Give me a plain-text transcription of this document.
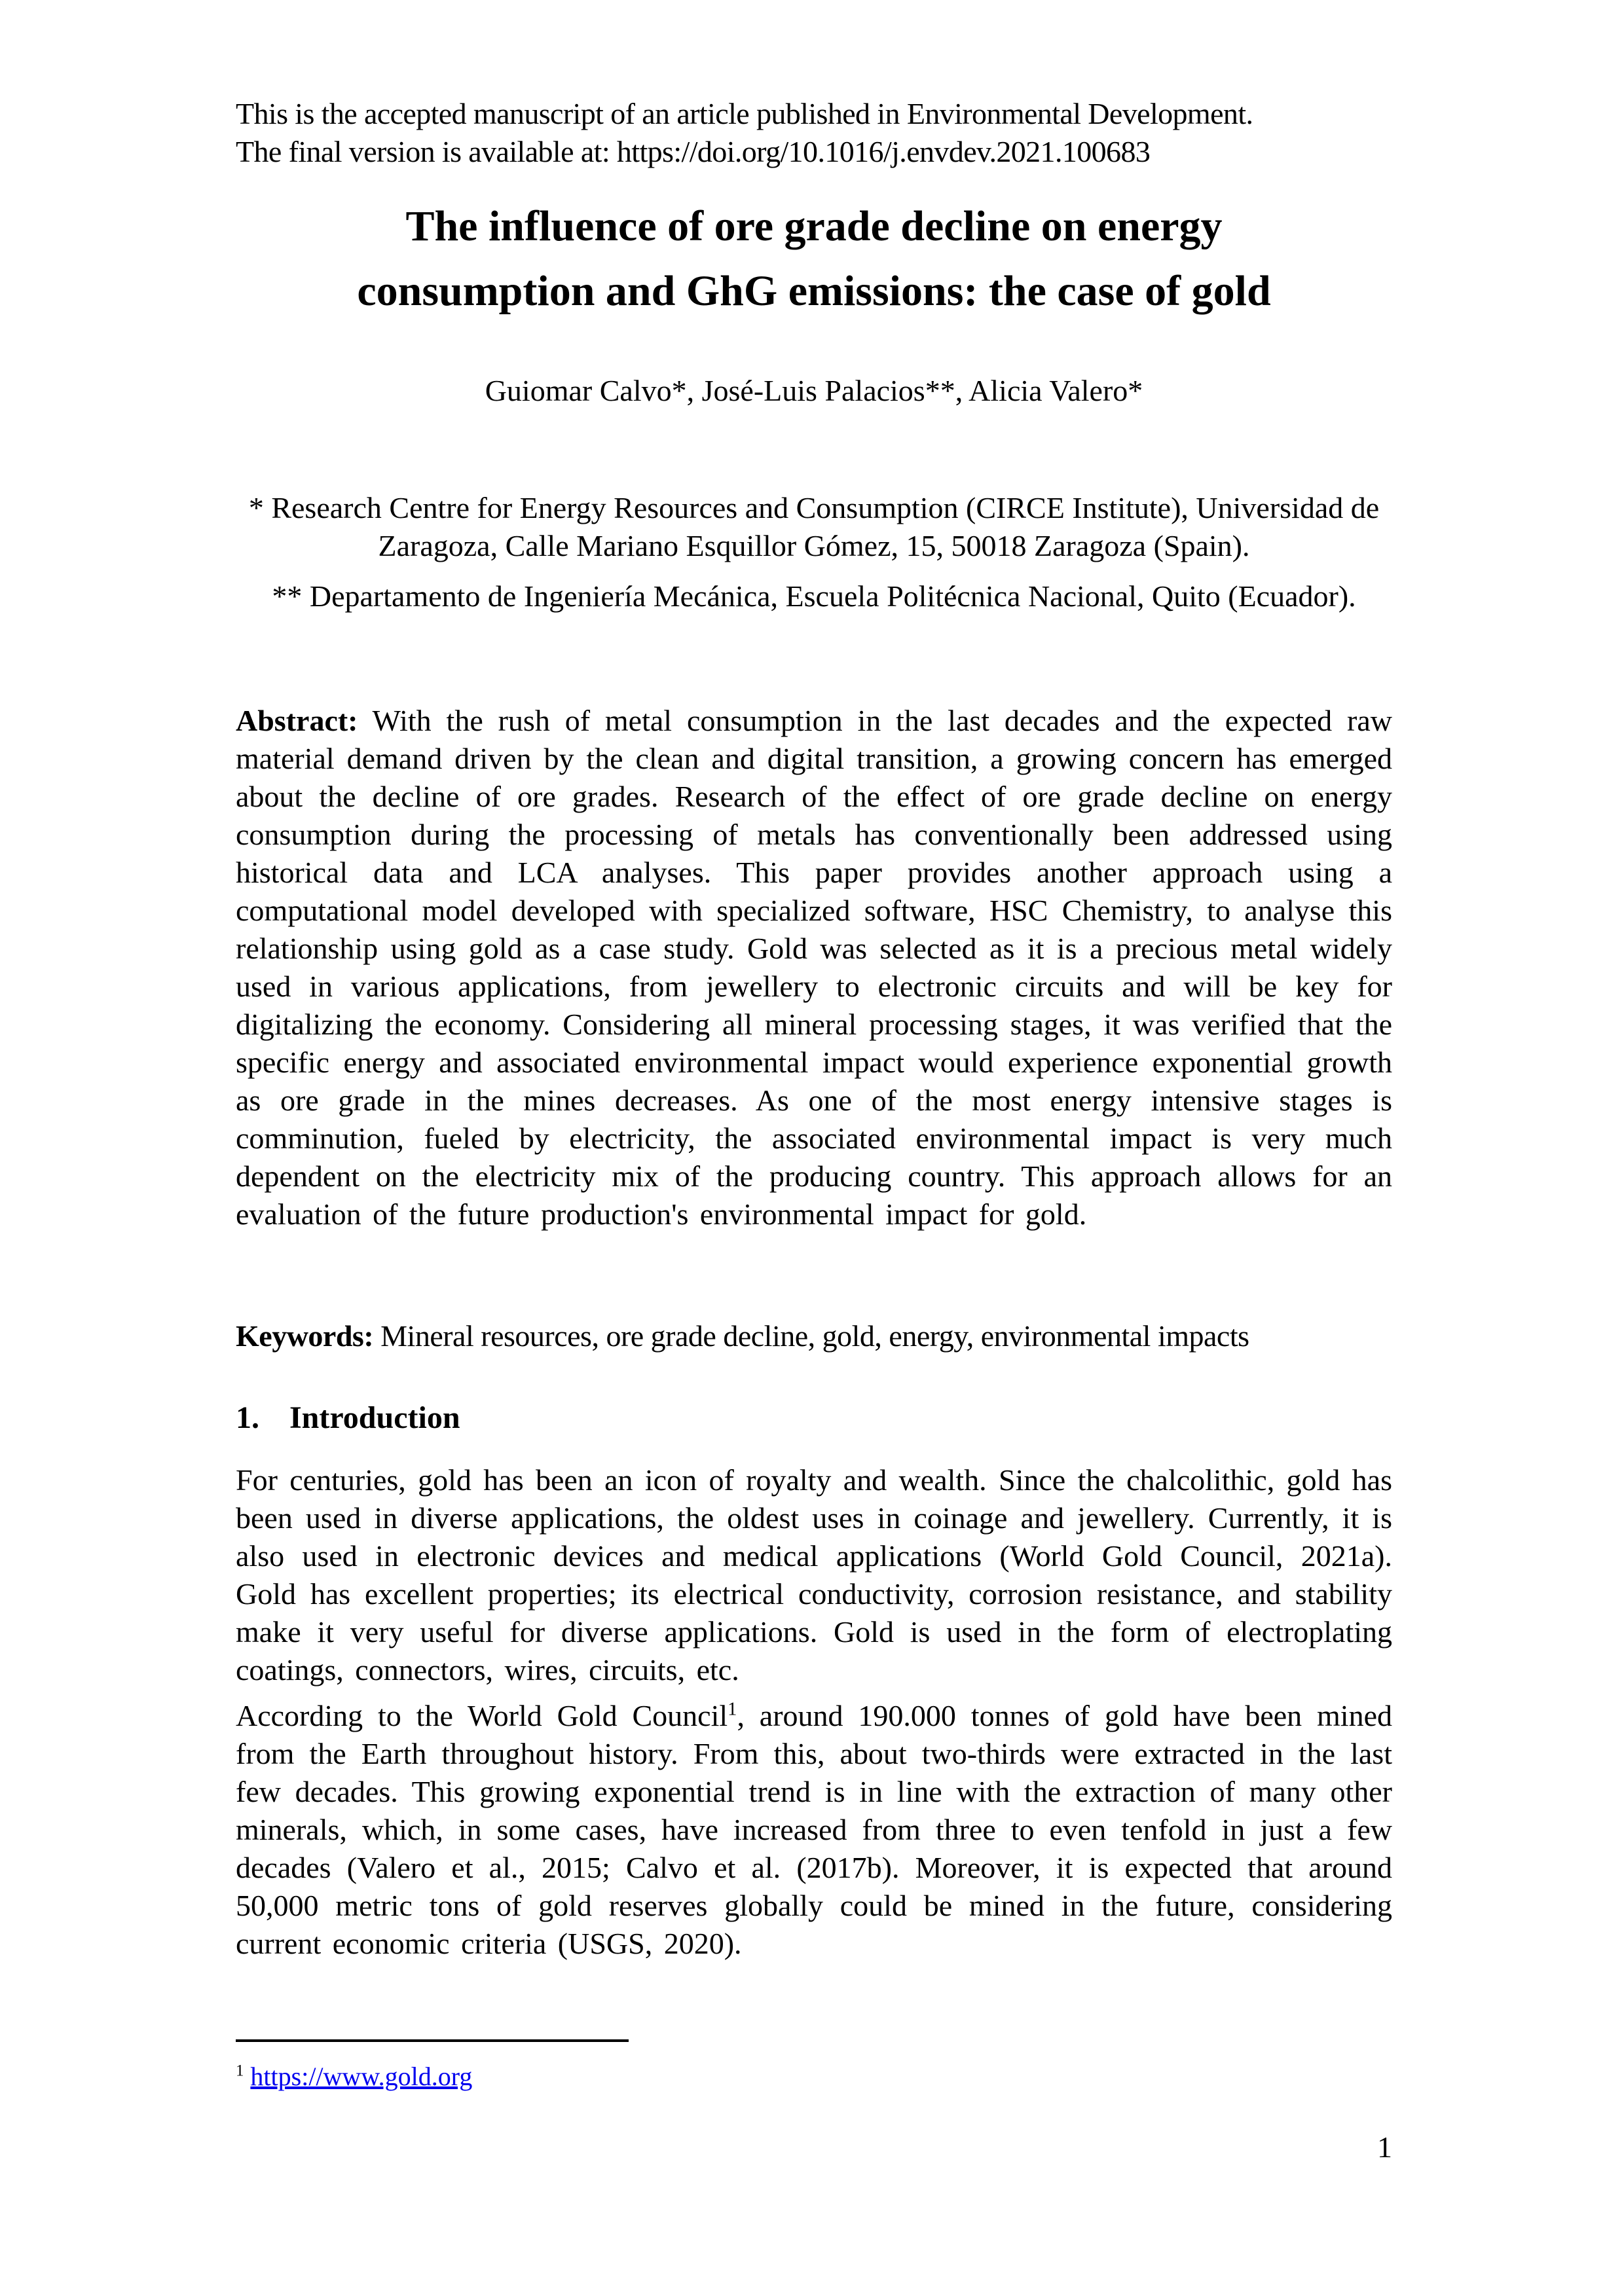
This is the accepted manuscript of an article published in Environmental Development.
The final version is available at: https://doi.org/10.1016/j.envdev.2021.100683
The influence of ore grade decline on energy
consumption and GhG emissions: the case of gold
Guiomar Calvo*, José-Luis Palacios**, Alicia Valero*
* Research Centre for Energy Resources and Consumption (CIRCE Institute), Universidad de Zaragoza, Calle Mariano Esquillor Gómez, 15, 50018 Zaragoza (Spain).
** Departamento de Ingeniería Mecánica, Escuela Politécnica Nacional, Quito (Ecuador).
Abstract: With the rush of metal consumption in the last decades and the expected raw material demand driven by the clean and digital transition, a growing concern has emerged about the decline of ore grades. Research of the effect of ore grade decline on energy consumption during the processing of metals has conventionally been addressed using historical data and LCA analyses. This paper provides another approach using a computational model developed with specialized software, HSC Chemistry, to analyse this relationship using gold as a case study. Gold was selected as it is a precious metal widely used in various applications, from jewellery to electronic circuits and will be key for digitalizing the economy. Considering all mineral processing stages, it was verified that the specific energy and associated environmental impact would experience exponential growth as ore grade in the mines decreases. As one of the most energy intensive stages is comminution, fueled by electricity, the associated environmental impact is very much dependent on the electricity mix of the producing country. This approach allows for an evaluation of the future production's environmental impact for gold.
Keywords: Mineral resources, ore grade decline, gold, energy, environmental impacts
1. Introduction
For centuries, gold has been an icon of royalty and wealth. Since the chalcolithic, gold has been used in diverse applications, the oldest uses in coinage and jewellery. Currently, it is also used in electronic devices and medical applications (World Gold Council, 2021a). Gold has excellent properties; its electrical conductivity, corrosion resistance, and stability make it very useful for diverse applications. Gold is used in the form of electroplating coatings, connectors, wires, circuits, etc.
According to the World Gold Council$^1$, around 190.000 tonnes of gold have been mined from the Earth throughout history. From this, about two-thirds were extracted in the last few decades. This growing exponential trend is in line with the extraction of many other minerals, which, in some cases, have increased from three to even tenfold in just a few decades (Valero et al., 2015; Calvo et al. (2017b). Moreover, it is expected that around 50,000 metric tons of gold reserves globally could be mined in the future, considering current economic criteria (USGS, 2020).
$^1$ https://www.gold.org
1
